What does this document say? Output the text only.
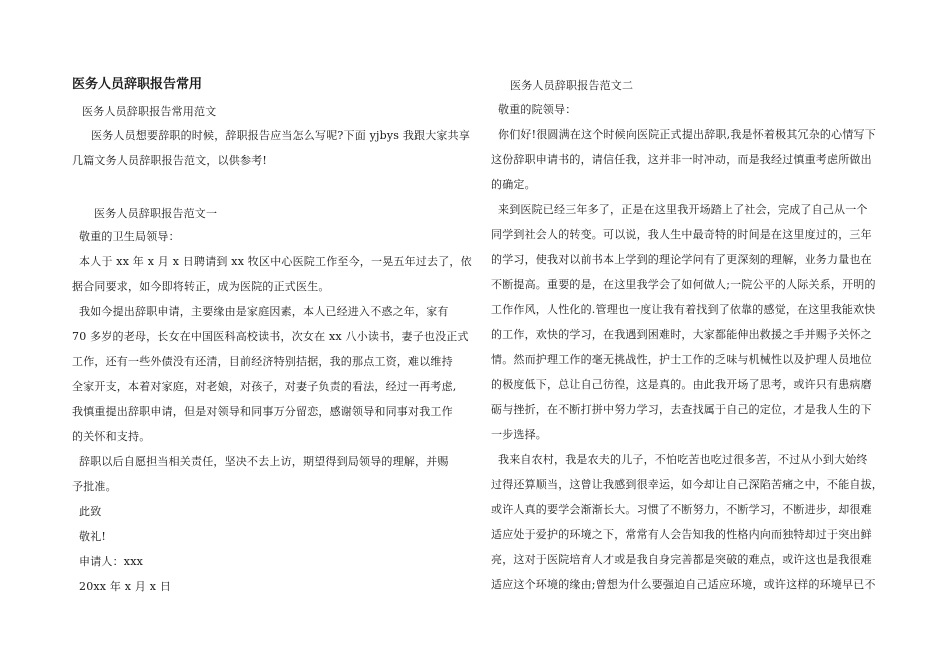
医务人员辞职报告常用
医务人员辞职报告常用范文
医务人员想要辞职的时候，辞职报告应当怎么写呢?下面 yjbys 我跟大家共享
几篇文务人员辞职报告范文，以供参考!
医务人员辞职报告范文一
敬重的卫生局领导：
本人于 xx 年 x 月 x 日聘请到 xx 牧区中心医院工作至今，一晃五年过去了，依
据合同要求，如今即将转正，成为医院的正式医生。
我如今提出辞职申请，主要缘由是家庭因素，本人已经进入不惑之年，家有
70 多岁的老母，长女在中国医科高校读书，次女在 xx 八小读书，妻子也没正式
工作，还有一些外债没有还清，目前经济特别拮据，我的那点工资，难以维持
全家开支，本着对家庭，对老娘，对孩子，对妻子负责的看法，经过一再考虑,
我慎重提出辞职申请，但是对领导和同事万分留恋，感谢领导和同事对我工作
的关怀和支持。
辞职以后自愿担当相关责任，坚决不去上访，期望得到局领导的理解，并赐
予批准。
此致
敬礼!
申请人：xxx
20xx 年 x 月 x 日
医务人员辞职报告范文二
敬重的院领导：
你们好!很圆满在这个时候向医院正式提出辞职,我是怀着极其冗杂的心情写下
这份辞职申请书的，请信任我，这并非一时冲动，而是我经过慎重考虑所做出
的确定。
来到医院已经三年多了，正是在这里我开场踏上了社会，完成了自己从一个
同学到社会人的转变。可以说，我人生中最奇特的时间是在这里度过的，三年
的学习，使我对以前书本上学到的理论学问有了更深刻的理解，业务力量也在
不断提高。重要的是，在这里我学会了如何做人;一院公平的人际关系，开明的
工作作风，人性化的.管理也一度让我有着找到了依靠的感觉，在这里我能欢快
的工作，欢快的学习，在我遇到困难时，大家都能伸出救援之手并赐予关怀之
情。然而护理工作的毫无挑战性，护士工作的乏味与机械性以及护理人员地位
的极度低下，总让自己彷徨，这是真的。由此我开场了思考，或许只有患病磨
砺与挫折，在不断打拼中努力学习，去查找属于自己的定位，才是我人生的下
一步选择。
我来自农村，我是农夫的儿子，不怕吃苦也吃过很多苦，不过从小到大始终
过得还算顺当，这曾让我感到很幸运，如今却让自己深陷苦痛之中，不能自拔，
或许人真的要学会渐渐长大。习惯了不断努力，不断学习，不断进步，却很难
适应处于爱护的环境之下，常常有人会告知我的性格内向而独特却过于突出鲜
亮，这对于医院培育人才或是我自身完善都是突破的难点，或许这也是我很难
适应这个环境的缘由;曾想为什么要强迫自己适应环境，或许这样的环境早已不
